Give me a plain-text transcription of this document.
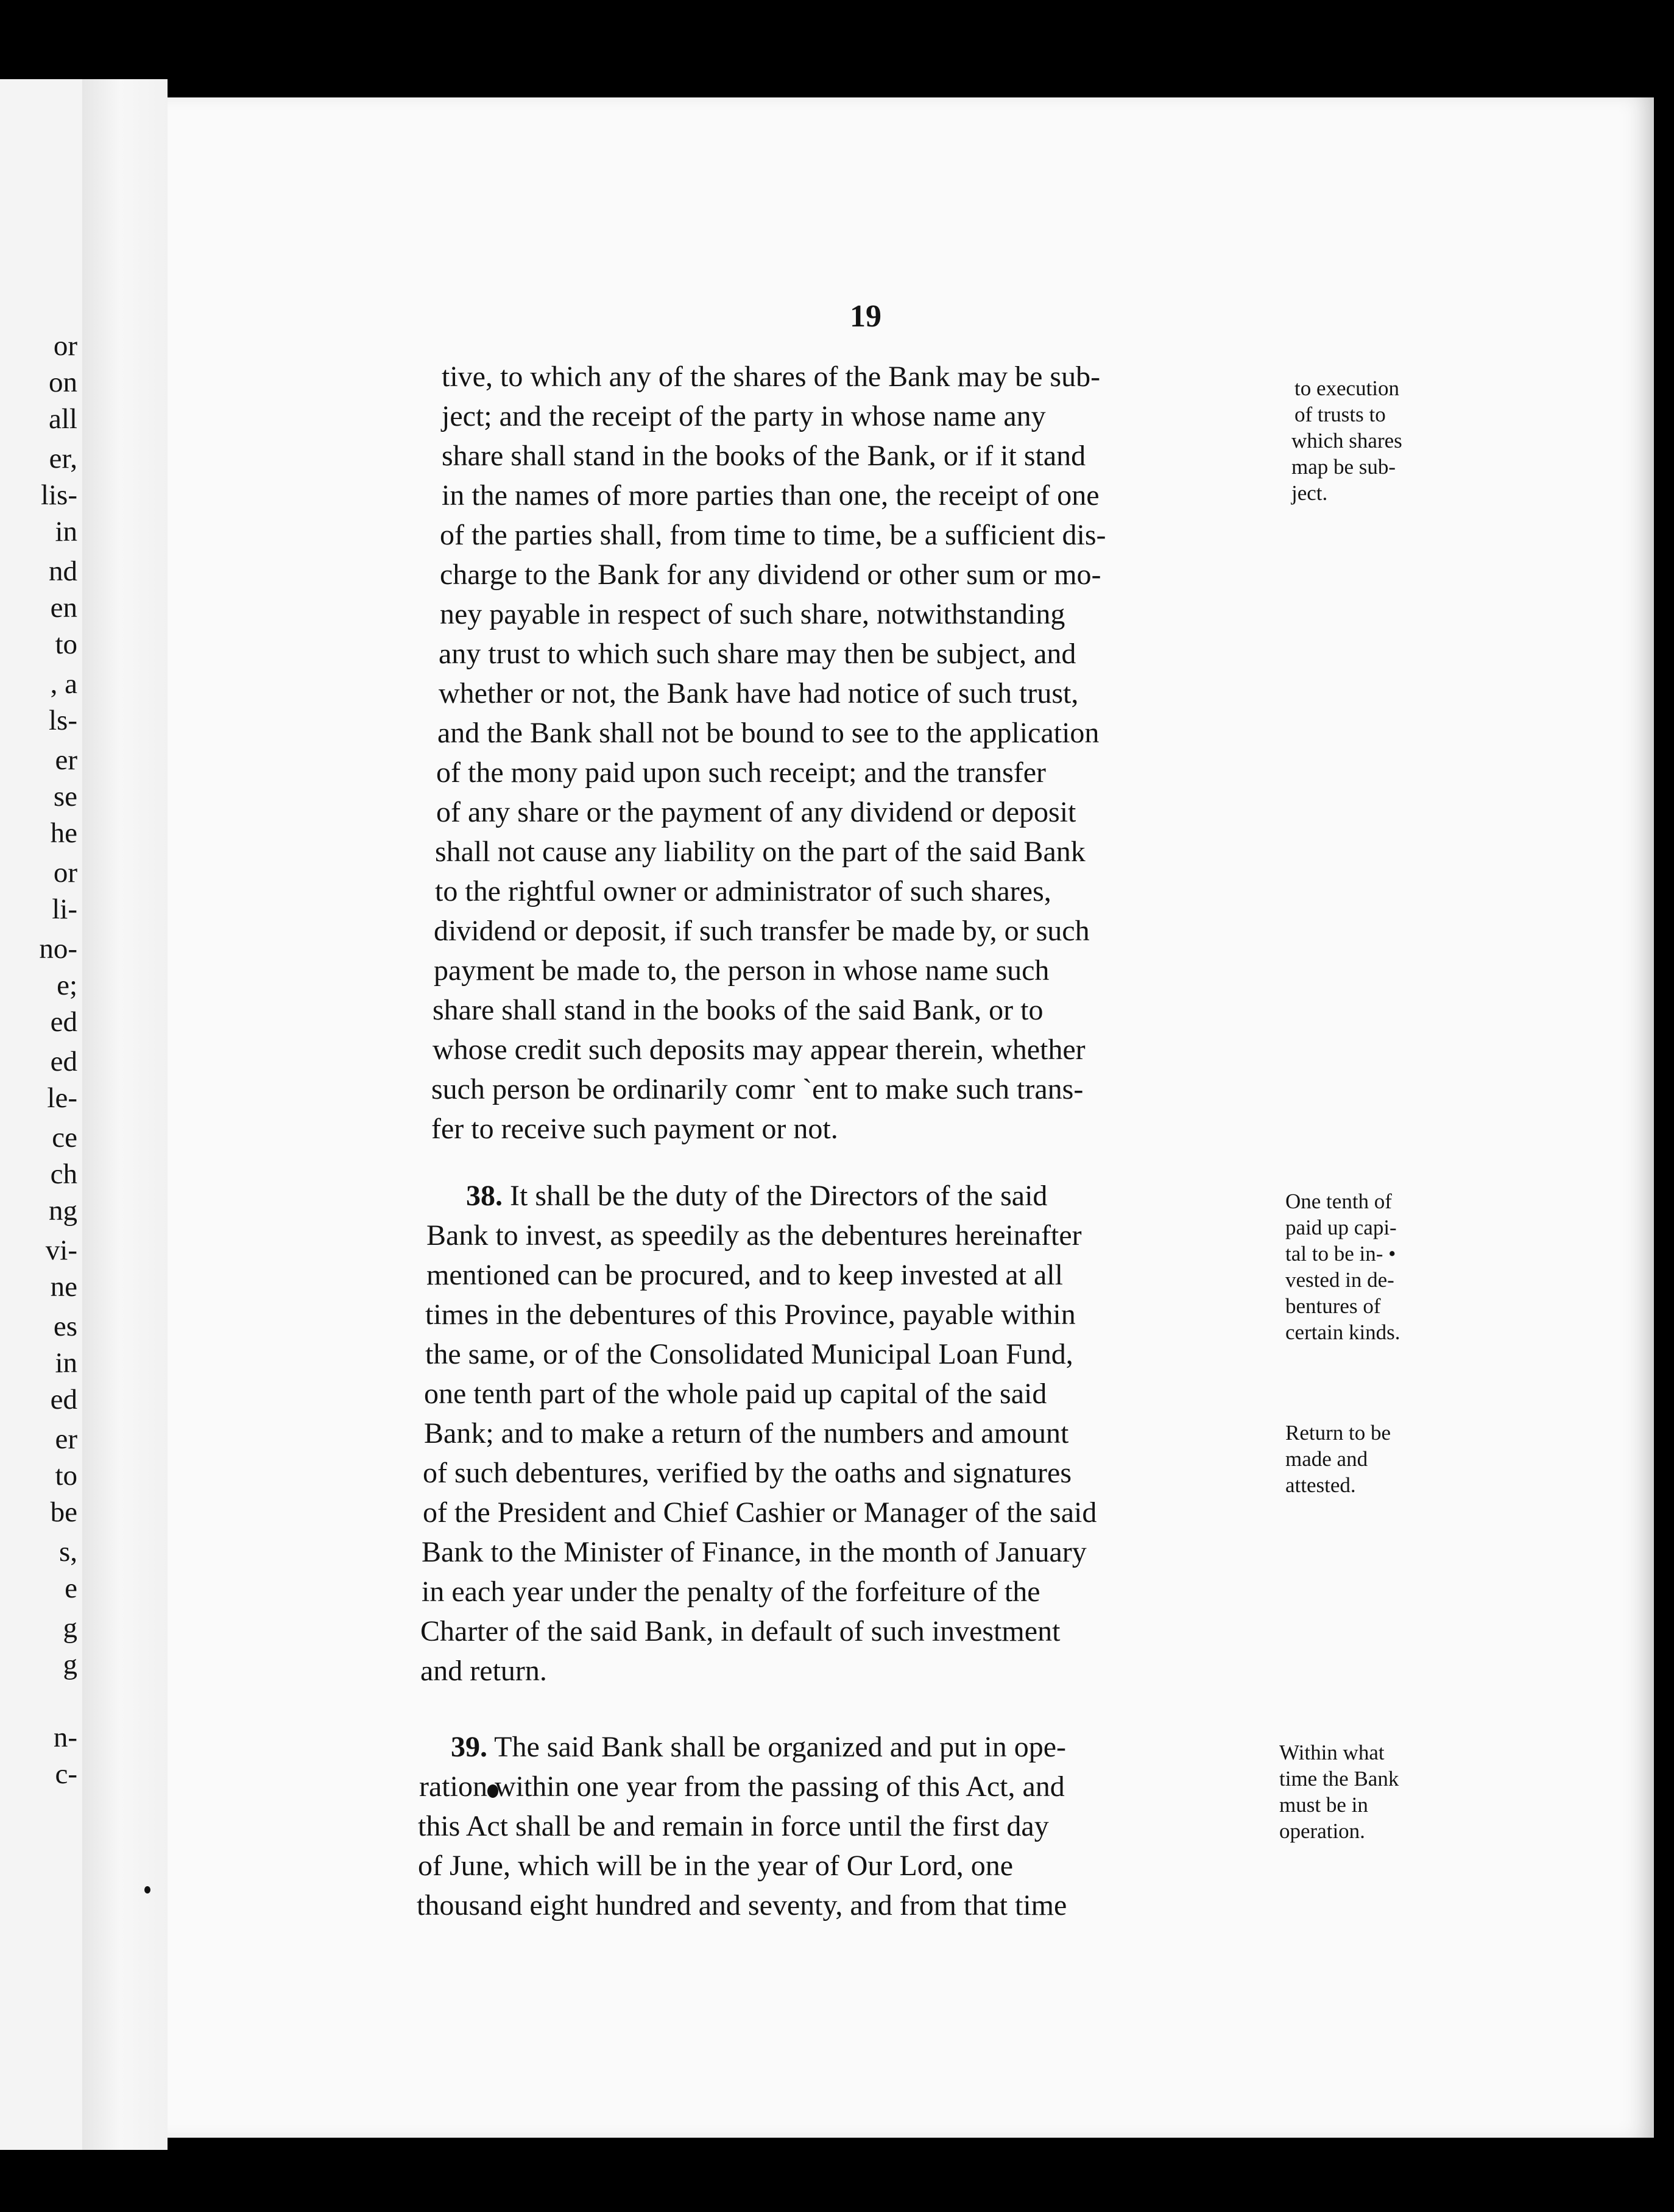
or
on
all
er,
lis-
in
nd
en
to
, a
ls-
er
se
he
or
li-
no-
e;
ed
ed
le-
ce
ch
ng
vi-
ne
es
in
ed
er
to
be
s,
e
g
g
n-
c-
19
tive, to which any of the shares of the Bank may be sub-
ject; and the receipt of the party in whose name any
share shall stand in the books of the Bank, or if it stand
in the names of more parties than one, the receipt of one
of the parties shall, from time to time, be a sufficient dis-
charge to the Bank for any dividend or other sum or mo-
ney payable in respect of such share, notwithstanding
any trust to which such share may then be subject, and
whether or not, the Bank have had notice of such trust,
and the Bank shall not be bound to see to the application
of the mony paid upon such receipt; and the transfer
of any share or the payment of any dividend or deposit
shall not cause any liability on the part of the said Bank
to the rightful owner or administrator of such shares,
dividend or deposit, if such transfer be made by, or such
payment be made to, the person in whose name such
share shall stand in the books of the said Bank, or to
whose credit such deposits may appear therein, whether
such person be ordinarily comr `ent to make such trans-
fer to receive such payment or not.
38. It shall be the duty of the Directors of the said
Bank to invest, as speedily as the debentures hereinafter
mentioned can be procured, and to keep invested at all
times in the debentures of this Province, payable within
the same, or of the Consolidated Municipal Loan Fund,
one tenth part of the whole paid up capital of the said
Bank; and to make a return of the numbers and amount
of such debentures, verified by the oaths and signatures
of the President and Chief Cashier or Manager of the said
Bank to the Minister of Finance, in the month of January
in each year under the penalty of the forfeiture of the
Charter of the said Bank, in default of such investment
and return.
39. The said Bank shall be organized and put in ope-
ration within one year from the passing of this Act, and
this Act shall be and remain in force until the first day
of June, which will be in the year of Our Lord, one
thousand eight hundred and seventy, and from that time
to execution
of trusts to
which shares
map be sub-
ject.
One tenth of
paid up capi-
tal to be in- •
vested in de-
bentures of
certain kinds.
Return to be
made and
attested.
Within what
time the Bank
must be in
operation.
